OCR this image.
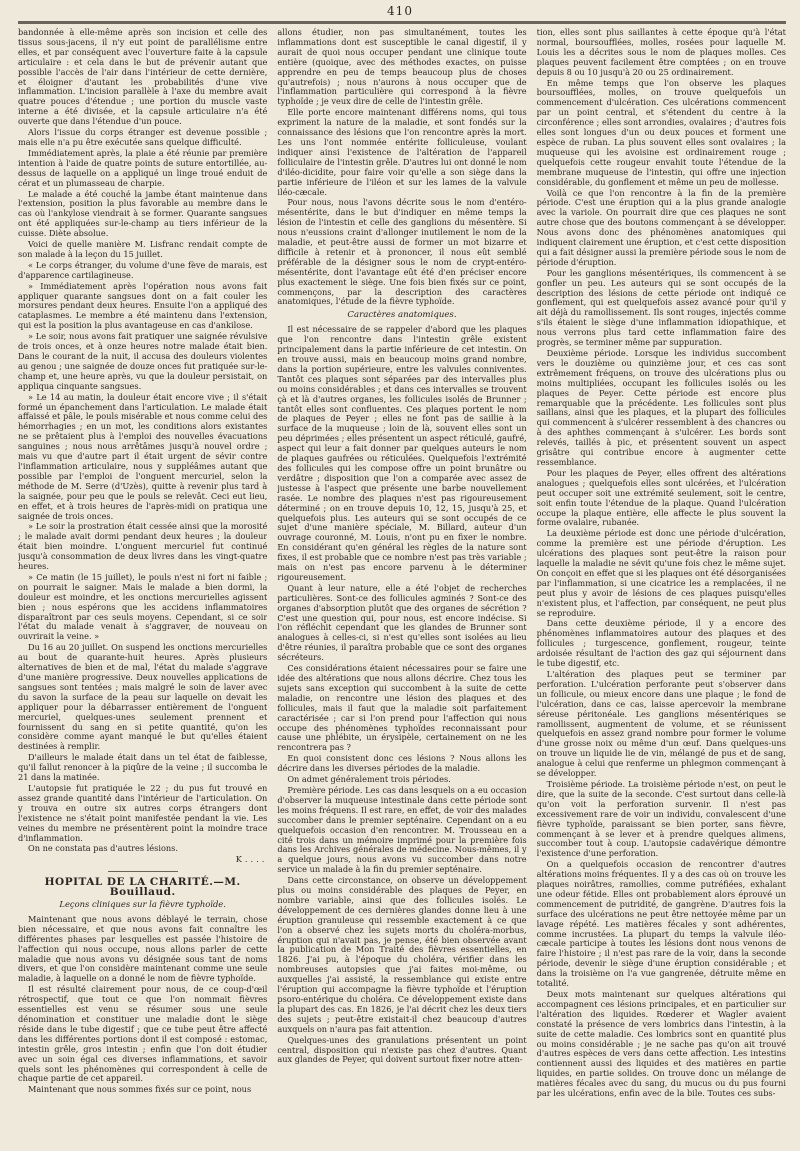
410

bandonnée à elle-même après son incision et celle des tissus sous-jacens, il n'y eut point de parallélisme entre elles, et par conséquent avec l'ouverture faite à la capsule articulaire : et cela dans le but de prévenir autant que possible l'accès de l'air dans l'intérieur de cette dernière, et éloigner d'autant les probabilités d'une vive inflammation. L'incision parallèle à l'axe du membre avait quatre pouces d'étendue ; une portion du muscle vaste interne a été divisée, et la capsule articulaire n'a été ouverte que dans l'étendue d'un pouce.

Alors l'issue du corps étranger est devenue possible ; mais elle n'a pu être exécutée sans quelque difficulté.

Immédiatement après, la plaie a été réunie par première intention à l'aide de quatre points de suture entortillée, au-dessus de laquelle on a appliqué un linge troué enduit de cérat et un plumasseau de charpie.

Le malade a été couché la jambe étant maintenue dans l'extension, position la plus favorable au membre dans le cas où l'ankylose viendrait à se former. Quarante sangsues ont été appliquées sur-le-champ au tiers inférieur de la cuisse. Diète absolue.

Voici de quelle manière M. Lisfranc rendait compte de son malade à la leçon du 15 juillet.

« Le corps étranger, du volume d'une fève de marais, est d'apparence cartilagineuse.

» Immédiatement après l'opération nous avons fait appliquer quarante sangsues dont on a fait couler les morsures pendant deux heures. Ensuite l'on a appliqué des cataplasmes. Le membre a été maintenu dans l'extension, qui est la position la plus avantageuse en cas d'ankilose.

» Le soir, nous avons fait pratiquer une saignée révulsive de trois onces, et à onze heures notre malade était bien. Dans le courant de la nuit, il accusa des douleurs violentes au genou ; une saignée de douze onces fut pratiquée sur-le-champ et, une heure après, vu que la douleur persistait, on appliqua cinquante sangsues.

» Le 14 au matin, la douleur était encore vive ; il s'était formé un épanchement dans l'articulation. Le malade était affaissé et pâle, le pouls misérable et nous comme celui des hémorrhagies ; en un mot, les conditions alors existantes ne se prêtaient plus à l'emploi des nouvelles évacuations sanguines ; nous nous arrêtâmes jusqu'à nouvel ordre ; mais vu que d'autre part il était urgent de sévir contre l'inflammation articulaire, nous y suppléâmes autant que possible par l'emploi de l'onguent mercuriel, selon la méthode de M. Serre (d'Uzès), quitte à revenir plus tard à la saignée, pour peu que le pouls se relevât. Ceci eut lieu, en effet, et à trois heures de l'après-midi on pratiqua une saignée de trois onces.

» Le soir la prostration était cessée ainsi que la morosité ; le malade avait dormi pendant deux heures ; la douleur était bien moindre. L'onguent mercuriel fut continué jusqu'à consommation de deux livres dans les vingt-quatre heures.

» Ce matin (le 15 juillet), le pouls n'est ni fort ni faible ; on pourrait le saigner. Mais le malade a bien dormi, la douleur est moindre, et les onctions mercurielles agissent bien ; nous espérons que les accidens inflammatoires disparaîtront par ces seuls moyens. Cependant, si ce soir l'état du malade venait à s'aggraver, de nouveau on ouvrirait la veine. »

Du 16 au 20 juillet. On suspend les onctions mercurielles au bout de quarante-huit heures. Après plusieurs alternatives de bien et de mal, l'état du malade s'aggrave d'une manière progressive. Deux nouvelles applications de sangsues sont tentées ; mais malgré le soin de laver avec du savon la surface de la peau sur laquelle on devait les appliquer pour la débarrasser entièrement de l'onguent mercuriel, quelques-unes seulement prennent et fournissent du sang en si petite quantité, qu'on les considère comme ayant manqué le but qu'elles étaient destinées à remplir.

D'ailleurs le malade était dans un tel état de faiblesse, qu'il fallut renoncer à la piqûre de la veine ; il succomba le 21 dans la matinée.

L'autopsie fut pratiquée le 22 ; du pus fut trouvé en assez grande quantité dans l'intérieur de l'articulation. On y trouva en outre six autres corps étrangers dont l'existence ne s'était point manifestée pendant la vie. Les veines du membre ne présentèrent point la moindre trace d'inflammation.

On ne constata pas d'autres lésions.

K....
HOPITAL DE LA CHARITÉ.—M. Bouillaud.
Leçons cliniques sur la fièvre typhoïde.

Maintenant que nous avons déblayé le terrain, chose bien nécessaire, et que nous avons fait connaître les différentes phases par lesquelles est passée l'histoire de l'affection qui nous occupe, nous allons parler de cette maladie que nous avons vu désignée sous tant de noms divers, et que l'on considère maintenant comme une seule maladie, à laquelle on a donné le nom de fièvre typhoïde.

Il est résulté clairement pour nous, de ce coup-d'œil rétrospectif, que tout ce que l'on nommait fièvres essentielles est venu se résumer sous une seule dénomination et constituer une maladie dont le siège réside dans le tube digestif ; que ce tube peut être affecté dans les différentes portions dont il est composé : estomac, intestin grêle, gros intestin ; enfin que l'on doit étudier avec un soin égal ces diverses inflammations, et savoir quels sont les phénomènes qui correspondent à celle de chaque partie de cet appareil.

Maintenant que nous sommes fixés sur ce point, nous

allons étudier, non pas simultanément, toutes les inflammations dont est susceptible le canal digestif, il y aurait de quoi nous occuper pendant une clinique toute entière (quoique, avec des méthodes exactes, on puisse apprendre en peu de temps beaucoup plus de choses qu'autrefois) ; nous n'aurons à nous occuper que de l'inflammation particulière qui correspond à la fièvre typhoïde ; je veux dire de celle de l'intestin grêle.

Elle porte encore maintenant différens noms, qui tous expriment la nature de la maladie, et sont fondés sur la connaissance des lésions que l'on rencontre après la mort. Les uns l'ont nommée entérite folliculeuse, voulant indiquer ainsi l'existence de l'altération de l'appareil folliculaire de l'intestin grêle. D'autres lui ont donné le nom d'iléo-dicidite, pour faire voir qu'elle a son siège dans la partie inférieure de l'iléon et sur les lames de la valvule iléo-cæcale.

Pour nous, nous l'avons décrite sous le nom d'entéro-mésentérite, dans le but d'indiquer en même temps la lésion de l'intestin et celle des ganglions du mésentère. Si nous n'eussions craint d'allonger inutilement le nom de la maladie, et peut-être aussi de former un mot bizarre et difficile à retenir et à prononcer, il nous eût semblé préférable de la désigner sous le nom de crypt-entéro-mésentérite, dont l'avantage eût été d'en préciser encore plus exactement le siège. Une fois bien fixés sur ce point, commençons, par la description des caractères anatomiques, l'étude de la fièvre typhoïde.

Caractères anatomiques.

Il est nécessaire de se rappeler d'abord que les plaques que l'on rencontre dans l'intestin grêle existent principalement dans la partie inférieure de cet intestin. On en trouve aussi, mais en beaucoup moins grand nombre, dans la portion supérieure, entre les valvules conniventes. Tantôt ces plaques sont séparées par des intervalles plus ou moins considérables ; et dans ces intervalles se trouvent çà et là d'autres organes, les follicules isolés de Brunner ; tantôt elles sont confluentes. Ces plaques portent le nom de plaques de Peyer ; elles ne font pas de saillie à la surface de la muqueuse ; loin de là, souvent elles sont un peu déprimées ; elles présentent un aspect réticulé, gaufré, aspect qui leur a fait donner par quelques auteurs le nom de plaques gaufrées ou réticulées. Quelquefois l'extrémité des follicules qui les compose offre un point brunâtre ou verdâtre ; disposition que l'on a comparée avec assez de justesse à l'aspect que présente une barbe nouvellement rasée. Le nombre des plaques n'est pas rigoureusement déterminé ; on en trouve depuis 10, 12, 15, jusqu'à 25, et quelquefois plus. Les auteurs qui se sont occupés de ce sujet d'une manière spéciale, M. Billard, auteur d'un ouvrage couronné, M. Louis, n'ont pu en fixer le nombre. En considérant qu'en général les règles de la nature sont fixes, il est probable que ce nombre n'est pas très variable ; mais on n'est pas encore parvenu à le déterminer rigoureusement.

Quant à leur nature, elle a été l'objet de recherches particulières. Sont-ce des follicules agminés ? Sont-ce des organes d'absorption plutôt que des organes de sécrétion ? C'est une question qui, pour nous, est encore indécise. Si l'on réfléchit cependant que les glandes de Brunner sont analogues à celles-ci, si n'est qu'elles sont isolées au lieu d'être réunies, il paraîtra probable que ce sont des organes sécréteurs.

Ces considérations étaient nécessaires pour se faire une idée des altérations que nous allons décrire. Chez tous les sujets sans exception qui succombent à la suite de cette maladie, on rencontre une lésion des plaques et des follicules, mais il faut que la maladie soit parfaitement caractérisée ; car si l'on prend pour l'affection qui nous occupe des phénomènes typhoïdes reconnaissant pour cause une phlébite, un érysipèle, certainement on ne les rencontrera pas ?

En quoi consistent donc ces lésions ? Nous allons les décrire dans les diverses périodes de la maladie.

On admet généralement trois périodes.

Première période. Les cas dans lesquels on a eu occasion d'observer la muqueuse intestinale dans cette période sont les moins fréquens. Il est rare, en effet, de voir des malades succomber dans le premier septénaire. Cependant on a eu quelquefois occasion d'en rencontrer. M. Trousseau en a cité trois dans un mémoire imprimé pour la première fois dans les Archives générales de médecine. Nous-mêmes, il y a quelque jours, nous avons vu succomber dans notre service un malade à la fin du premier septénaire.

Dans cette circonstance, on observe un développement plus ou moins considérable des plaques de Peyer, en nombre variable, ainsi que des follicules isolés. Le développement de ces dernières glandes donne lieu à une éruption granuleuse qui ressemble exactement à ce que l'on a observé chez les sujets morts du choléra-morbus, éruption qui n'avait pas, je pense, été bien observée avant la publication de Mon Traité des fièvres essentielles, en 1826. J'ai pu, à l'époque du choléra, vérifier dans les nombreuses autopsies que j'ai faites moi-même, ou auxquelles j'ai assisté, la ressemblance qui existe entre l'éruption qui accompagne la fièvre typhoïde et l'éruption psoro-entérique du choléra. Ce développement existe dans la plupart des cas. En 1826, je l'ai décrit chez les deux tiers des sujets ; peut-être existait-il chez beaucoup d'autres auxquels on n'aura pas fait attention.

Quelques-unes des granulations présentent un point central, disposition qui n'existe pas chez d'autres. Quant aux glandes de Peyer, qui doivent surtout fixer notre atten-

tion, elles sont plus saillantes à cette époque qu'à l'état normal, boursoufflées, molles, rosées pour laquelle M. Louis les a décrites sous le nom de plaques molles. Ces plaques peuvent facilement être comptées ; on en trouve depuis 8 ou 10 jusqu'à 20 ou 25 ordinairement.

En même temps que l'on observe les plaques boursoufflées, molles, on trouve quelquefois un commencement d'ulcération. Ces ulcérations commencent par un point central, et s'étendent du centre à la circonférence ; elles sont arrondies, ovalaires ; d'autres fois elles sont longues d'un ou deux pouces et forment une espèce de ruban. La plus souvent elles sont ovalaires ; la muqueuse qui les avoisine est ordinairement rouge ; quelquefois cette rougeur envahit toute l'étendue de la membrane muqueuse de l'intestin, qui offre une injection considérable, du gonflement et même un peu de mollesse.

Voilà ce que l'on rencontre à la fin de la première période. C'est une éruption qui a la plus grande analogie avec la variole. On pourrait dire que ces plaques ne sont autre chose que des boutons commençant à se développer. Nous avons donc des phénomènes anatomiques qui indiquent clairement une éruption, et c'est cette disposition qui a fait désigner aussi la première période sous le nom de période d'éruption.

Pour les ganglions mésentériques, ils commencent à se gonfler un peu. Les auteurs qui se sont occupés de la description des lésions de cette période ont indiqué ce gonflement, qui est quelquefois assez avancé pour qu'il y ait déjà du ramollissement. Ils sont rouges, injectés comme s'ils étaient le siège d'une inflammation idiopathique, et nous verrons plus tard cette inflammation faire des progrès, se terminer même par suppuration.

Deuxième période. Lorsque les individus succombent vers le douzième ou quinzième jour, et ces cas sont extrêmement fréquens, on trouve des ulcérations plus ou moins multipliées, occupant les follicules isolés ou les plaques de Peyer. Cette période est encore plus remarquable que la précédente. Les follicules sont plus saillans, ainsi que les plaques, et la plupart des follicules qui commencent à s'ulcérer ressemblent à des chancres ou à des aphthes commençant à s'ulcérer. Les bords sont relevés, taillés à pic, et présentent souvent un aspect grisâtre qui contribue encore à augmenter cette ressemblance.

Pour les plaques de Peyer, elles offrent des altérations analogues ; quelquefois elles sont ulcérées, et l'ulcération peut occuper soit une extrémité seulement, soit le centre, soit enfin toute l'étendue de la plaque. Quand l'ulcération occupe la plaque entière, elle affecte le plus souvent la forme ovalaire, rubanée.

La deuxième période est donc une période d'ulcération, comme la première est une période d'éruption. Les ulcérations des plaques sont peut-être la raison pour laquelle la maladie ne sévit qu'une fois chez le même sujet. On conçoit en effet que si les plaques ont été désorganisées par l'inflammation, si une cicatrice les a remplacées, il ne peut plus y avoir de lésions de ces plaques puisqu'elles n'existent plus, et l'affection, par conséquent, ne peut plus se reproduire.

Dans cette deuxième période, il y a encore des phénomènes inflammatoires autour des plaques et des follicules ; turgescence, gonflement, rougeur, teinte ardoisée résultant de l'action des gaz qui séjournent dans le tube digestif, etc.

L'altération des plaques peut se terminer par perforation. L'ulcération perforante peut s'observer dans un follicule, ou mieux encore dans une plaque ; le fond de l'ulcération, dans ce cas, laisse apercevoir la membrane séreuse péritonéale. Les ganglions mésentériques se ramollissent, augmentent de volume, et se réunissent quelquefois en assez grand nombre pour former le volume d'une grosse noix ou même d'un œuf. Dans quelques-uns on trouve un liquide lie de vin, mélangé de pus et de sang, analogue à celui que renferme un phlegmon commençant à se développer.

Troisième période. La troisième période n'est, on peut le dire, que la suite de la seconde. C'est surtout dans celle-là qu'on voit la perforation survenir. Il n'est pas excessivement rare de voir un individu, convalescent d'une fièvre typhoïde, paraissant se bien porter, sans fièvre, commençant à se lever et à prendre quelques alimens, succomber tout à coup. L'autopsie cadavérique démontre l'existence d'une perforation.

On a quelquefois occasion de rencontrer d'autres altérations moins fréquentes. Il y a des cas où on trouve les plaques noirâtres, ramollies, comme putréfiées, exhalant une odeur fétide. Elles ont probablement alors éprouvé un commencement de putridité, de gangrène. D'autres fois la surface des ulcérations ne peut être nettoyée même par un lavage répété. Les matières fécales y sont adhérentes, comme incrustées. La plupart du temps la valvule iléo-cæcale participe à toutes les lésions dont nous venons de faire l'histoire ; il n'est pas rare de la voir, dans la seconde période, devenir le siège d'une éruption considérable ; et dans la troisième on l'a vue gangrenée, détruite même en totalité.

Deux mots maintenant sur quelques altérations qui accompagnent ces lésions principales, et en particulier sur l'altération des liquides. Rœderer et Wagler avaient constaté la présence de vers lombrics dans l'intestin, à la suite de cette maladie. Ces lombrics sont en quantité plus ou moins considérable ; je ne sache pas qu'on ait trouvé d'autres espèces de vers dans cette affection. Les intestins contiennent aussi des liquides et des matières en partie liquides, en partie solides. On trouve donc un mélange de matières fécales avec du sang, du mucus ou du pus fourni par les ulcérations, enfin avec de la bile. Toutes ces subs-
